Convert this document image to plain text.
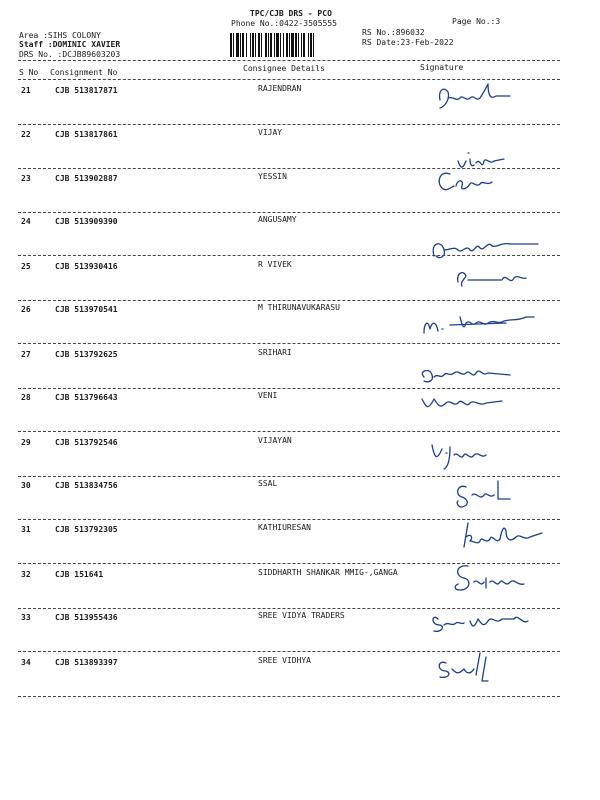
TPC/CJB DRS - PCO
Phone No.:0422-3505555	Page No.:3
Area :SIHS COLONY
Staff :DOMINIC XAVIER
DRS No. :DCJB89603203
RS No.:896032
RS Date:23-Feb-2022
S No Consignment No	Consignee Details	Signature
21	CJB 513817871	RAJENDRAN
22	CJB 513817861	VIJAY
23	CJB 513902887	YESSIN
24	CJB 513909390	ANGUSAMY
25	CJB 513930416	R VIVEK
26	CJB 513970541	M THIRUNAVUKARASU
27	CJB 513792625	SRIHARI
28	CJB 513796643	VENI
29	CJB 513792546	VIJAYAN
30	CJB 513834756	SSAL
31	CJB 513792305	KATHIURESAN
32	CJB 151641	SIDDHARTH SHANKAR MMIG-,GANGA
33	CJB 513955436	SREE VIDYA TRADERS
34	CJB 513893397	SREE VIDHYA
